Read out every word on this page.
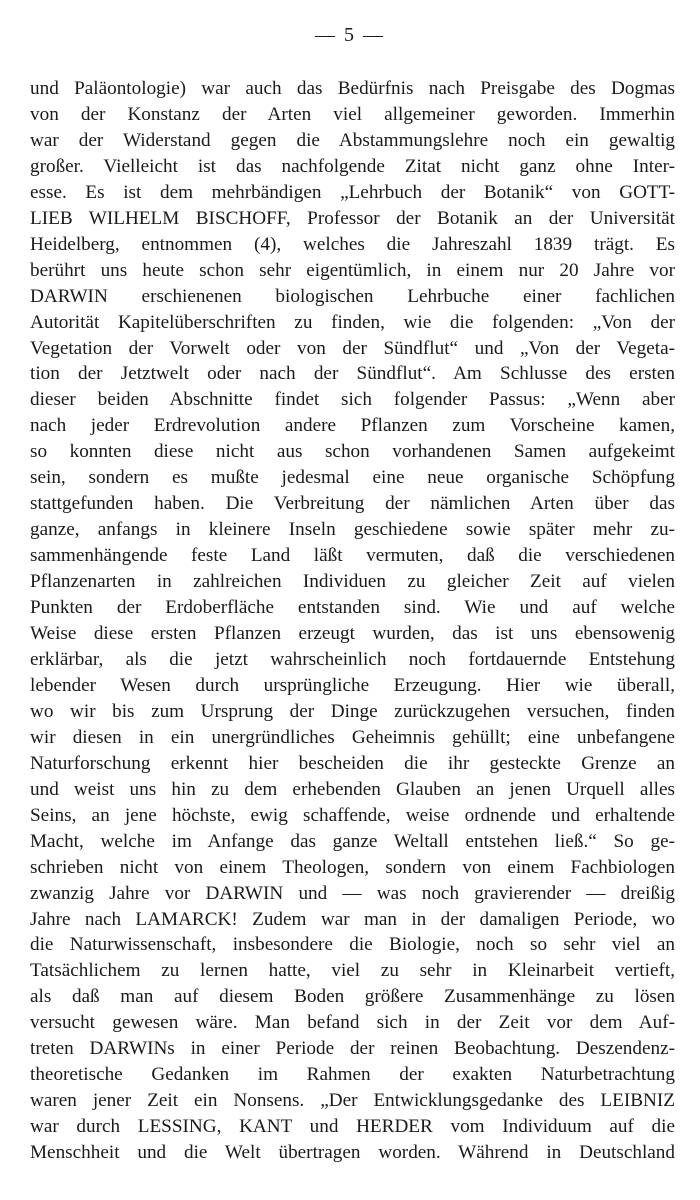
— 5 —
und Paläontologie) war auch das Bedürfnis nach Preisgabe des Dogmas
von der Konstanz der Arten viel allgemeiner geworden. Immerhin
war der Widerstand gegen die Abstammungslehre noch ein gewaltig
großer. Vielleicht ist das nachfolgende Zitat nicht ganz ohne Inter-
esse. Es ist dem mehrbändigen „Lehrbuch der Botanik“ von GOTT-
LIEB WILHELM BISCHOFF, Professor der Botanik an der Universität
Heidelberg, entnommen (4), welches die Jahreszahl 1839 trägt. Es
berührt uns heute schon sehr eigentümlich, in einem nur 20 Jahre vor
DARWIN erschienenen biologischen Lehrbuche einer fachlichen
Autorität Kapitelüberschriften zu finden, wie die folgenden: „Von der
Vegetation der Vorwelt oder von der Sündflut“ und „Von der Vegeta-
tion der Jetztwelt oder nach der Sündflut“. Am Schlusse des ersten
dieser beiden Abschnitte findet sich folgender Passus: „Wenn aber
nach jeder Erdrevolution andere Pflanzen zum Vorscheine kamen,
so konnten diese nicht aus schon vorhandenen Samen aufgekeimt
sein, sondern es mußte jedesmal eine neue organische Schöpfung
stattgefunden haben. Die Verbreitung der nämlichen Arten über das
ganze, anfangs in kleinere Inseln geschiedene sowie später mehr zu-
sammenhängende feste Land läßt vermuten, daß die verschiedenen
Pflanzenarten in zahlreichen Individuen zu gleicher Zeit auf vielen
Punkten der Erdoberfläche entstanden sind. Wie und auf welche
Weise diese ersten Pflanzen erzeugt wurden, das ist uns ebensowenig
erklärbar, als die jetzt wahrscheinlich noch fortdauernde Entstehung
lebender Wesen durch ursprüngliche Erzeugung. Hier wie überall,
wo wir bis zum Ursprung der Dinge zurückzugehen versuchen, finden
wir diesen in ein unergründliches Geheimnis gehüllt; eine unbefangene
Naturforschung erkennt hier bescheiden die ihr gesteckte Grenze an
und weist uns hin zu dem erhebenden Glauben an jenen Urquell alles
Seins, an jene höchste, ewig schaffende, weise ordnende und erhaltende
Macht, welche im Anfange das ganze Weltall entstehen ließ.“ So ge-
schrieben nicht von einem Theologen, sondern von einem Fachbiologen
zwanzig Jahre vor DARWIN und — was noch gravierender — dreißig
Jahre nach LAMARCK! Zudem war man in der damaligen Periode, wo
die Naturwissenschaft, insbesondere die Biologie, noch so sehr viel an
Tatsächlichem zu lernen hatte, viel zu sehr in Kleinarbeit vertieft,
als daß man auf diesem Boden größere Zusammenhänge zu lösen
versucht gewesen wäre. Man befand sich in der Zeit vor dem Auf-
treten DARWINs in einer Periode der reinen Beobachtung. Deszendenz-
theoretische Gedanken im Rahmen der exakten Naturbetrachtung
waren jener Zeit ein Nonsens. „Der Entwicklungsgedanke des LEIBNIZ
war durch LESSING, KANT und HERDER vom Individuum auf die
Menschheit und die Welt übertragen worden. Während in Deutschland
